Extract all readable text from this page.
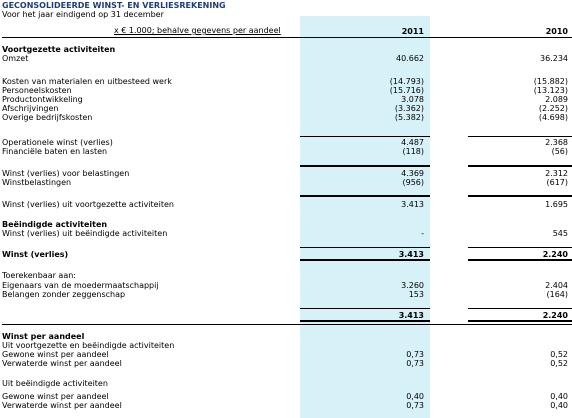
GECONSOLIDEERDE WINST- EN VERLIESREKENING
Voor het jaar eindigend op 31 december
x € 1.000; behalve gegevens per aandeel	2011	2010
Voortgezette activiteiten
Omzet	40.662	36.234
Kosten van materialen en uitbesteed werk	(14.793)	(15.882)
Personeelskosten	(15.716)	(13.123)
Productontwikkeling	3.078	2.089
Afschrijvingen	(3.362)	(2.252)
Overige bedrijfskosten	(5.382)	(4.698)
Operationele winst (verlies)	4.487	2.368
Financiële baten en lasten	(118)	(56)
Winst (verlies) voor belastingen	4.369	2.312
Winstbelastingen	(956)	(617)
Winst (verlies) uit voortgezette activiteiten	3.413	1.695
Beëindigde activiteiten
Winst (verlies) uit beëindigde activiteiten	-	545
Winst (verlies)	3.413	2.240
Toerekenbaar aan:
Eigenaars van de moedermaatschappij	3.260	2.404
Belangen zonder zeggenschap	153	(164)
3.413	2.240
Winst per aandeel
Uit voortgezette en beëindigde activiteiten
Gewone winst per aandeel	0,73	0,52
Verwaterde winst per aandeel	0,73	0,52
Uit beëindigde activiteiten
Gewone winst per aandeel	0,40	0,40
Verwaterde winst per aandeel	0,73	0,40
